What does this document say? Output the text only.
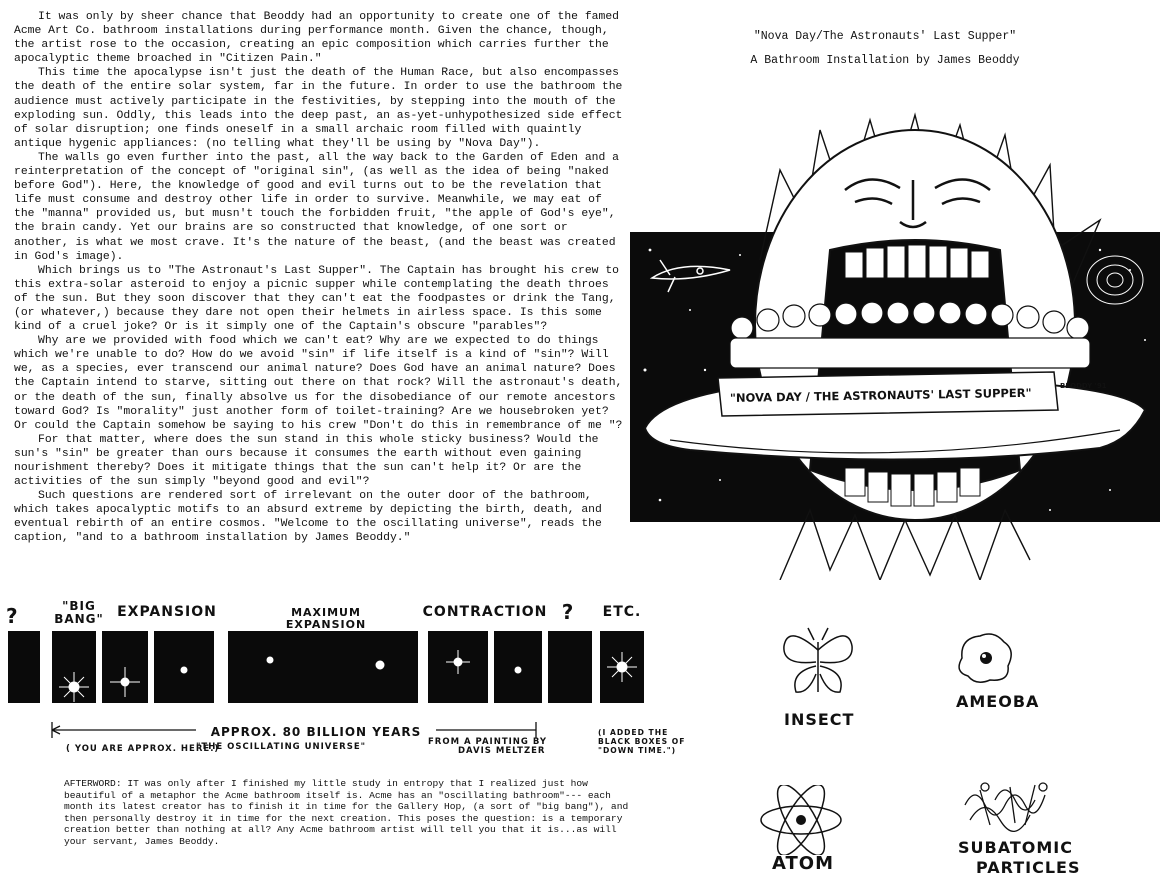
It was only by sheer chance that Beoddy had an opportunity to create one of the famed Acme Art Co. bathroom installations during performance month. Given the chance, though, the artist rose to the occasion, creating an epic composition which carries further the apocalyptic theme broached in "Citizen Pain."

This time the apocalypse isn't just the death of the Human Race, but also encompasses the death of the entire solar system, far in the future. In order to use the bathroom the audience must actively participate in the festivities, by stepping into the mouth of the exploding sun. Oddly, this leads into the deep past, an as-yet-unhypothesized side effect of solar disruption; one finds oneself in a small archaic room filled with quaintly antique hygenic appliances: (no telling what they'll be using by "Nova Day").

The walls go even further into the past, all the way back to the Garden of Eden and a reinterpretation of the concept of "original sin", (as well as the idea of being "naked before God"). Here, the knowledge of good and evil turns out to be the revelation that life must consume and destroy other life in order to survive. Meanwhile, we may eat of the "manna" provided us, but musn't touch the forbidden fruit, "the apple of God's eye", the brain candy. Yet our brains are so constructed that knowledge, of one sort or another, is what we most crave. It's the nature of the beast, (and the beast was created in God's image).

Which brings us to "The Astronaut's Last Supper". The Captain has brought his crew to this extra-solar asteroid to enjoy a picnic supper while contemplating the death throes of the sun. But they soon discover that they can't eat the foodpastes or drink the Tang, (or whatever,) because they dare not open their helmets in airless space. Is this some kind of a cruel joke? Or is it simply one of the Captain's obscure "parables"?

Why are we provided with food which we can't eat? Why are we expected to do things which we're unable to do? How do we avoid "sin" if life itself is a kind of "sin"? Will we, as a species, ever transcend our animal nature? Does God have an animal nature? Does the Captain intend to starve, sitting out there on that rock? Will the astronaut's death, or the death of the sun, finally absolve us for the disobediance of our remote ancestors toward God? Is "morality" just another form of toilet-training? Are we housebroken yet? Or could the Captain somehow be saying to his crew "Don't do this in remembrance of me "?

For that matter, where does the sun stand in this whole sticky business? Would the sun's "sin" be greater than ours because it consumes the earth without even gaining nourishment thereby? Does it mitigate things that the sun can't help it? Or are the activities of the sun simply "beyond good and evil"?

Such questions are rendered sort of irrelevant on the outer door of the bathroom, which takes apocalyptic motifs to an absurd extreme by depicting the birth, death, and eventual rebirth of an entire cosmos. "Welcome to the oscillating universe", reads the caption, "and to a bathroom installation by James Beoddy."

"Nova Day/The Astronauts' Last Supper"
A Bathroom Installation by James Beoddy
"NOVA DAY / THE ASTRONAUTS' LAST SUPPER"	BEODDY '91
?	"BIG BANG" EXPANSION	MAXIMUM
EXPANSION
CONTRACTION ?	ETC.
APPROX. 80 BILLION YEARS
( YOU ARE APPROX. HERE.)
"THE OSCILLATING UNIVERSE"	FROM A PAINTING BY
DAVIS MELTZER
(I ADDED THE BLACK BOXES OF "DOWN TIME.")
AFTERWORD: IT was only after I finished my little study in entropy that I realized just how beautiful of a metaphor the Acme bathroom itself is. Acme has an "oscillating bathroom"--- each month its latest creator has to finish it in time for the Gallery Hop, (a sort of "big bang"), and then personally destroy it in time for the next creation. This poses the question: is a temporary creation better than nothing at all? Any Acme bathroom artist will tell you that it is...as will your servant, James Beoddy.
INSECT
AMEOBA
ATOM
SUBATOMIC
PARTICLES
